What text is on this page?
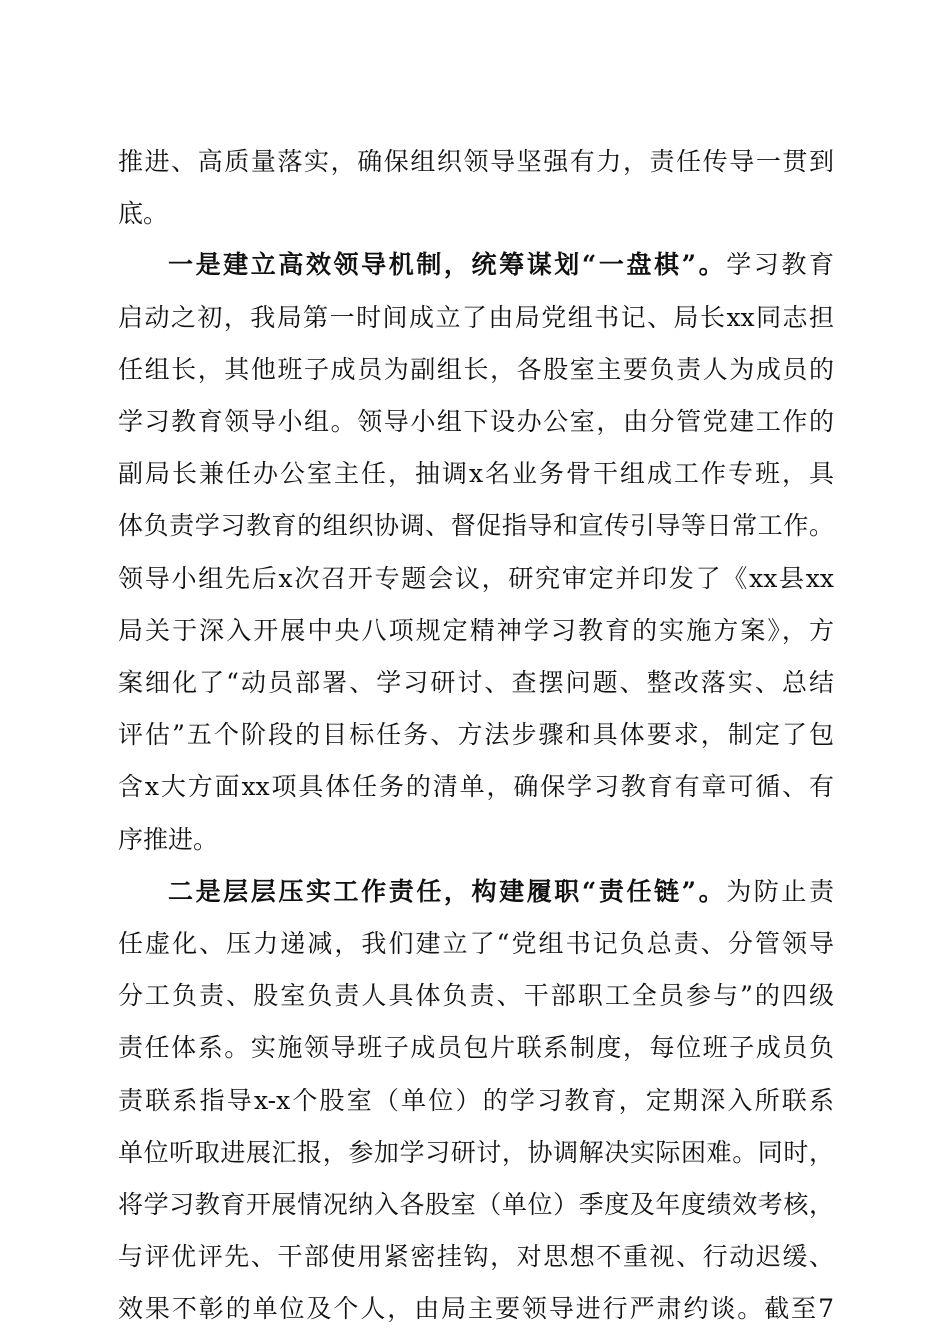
推进、高质量落实，确保组织领导坚强有力，责任传导一贯到
底。
一是建立高效领导机制，统筹谋划“一盘棋”。学习教育
启动之初，我局第一时间成立了由局党组书记、局长xx同志担
任组长，其他班子成员为副组长，各股室主要负责人为成员的
学习教育领导小组。领导小组下设办公室，由分管党建工作的
副局长兼任办公室主任，抽调x名业务骨干组成工作专班，具
体负责学习教育的组织协调、督促指导和宣传引导等日常工作。
领导小组先后x次召开专题会议，研究审定并印发了《xx县xx
局关于深入开展中央八项规定精神学习教育的实施方案》，方
案细化了“动员部署、学习研讨、查摆问题、整改落实、总结
评估”五个阶段的目标任务、方法步骤和具体要求，制定了包
含x大方面xx项具体任务的清单，确保学习教育有章可循、有
序推进。
二是层层压实工作责任，构建履职“责任链”。为防止责
任虚化、压力递减，我们建立了“党组书记负总责、分管领导
分工负责、股室负责人具体负责、干部职工全员参与”的四级
责任体系。实施领导班子成员包片联系制度，每位班子成员负
责联系指导x-x个股室（单位）的学习教育，定期深入所联系
单位听取进展汇报，参加学习研讨，协调解决实际困难。同时，
将学习教育开展情况纳入各股室（单位）季度及年度绩效考核，
与评优评先、干部使用紧密挂钩，对思想不重视、行动迟缓、
效果不彰的单位及个人，由局主要领导进行严肃约谈。截至7
